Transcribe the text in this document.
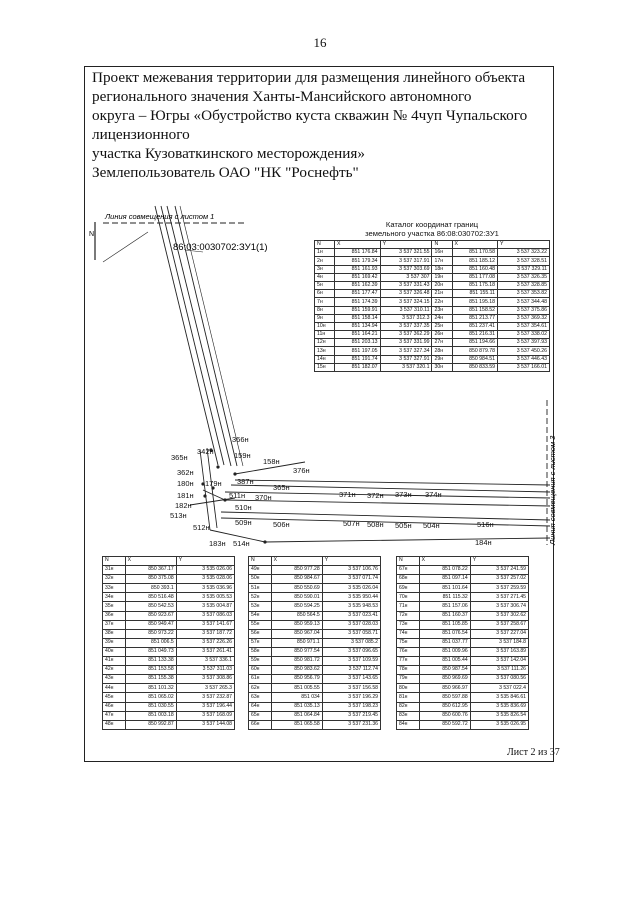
16
Проект межевания территории для размещения линейного объекта
регионального значения Ханты-Мансийского автономного
округа – Югры «Обустройство куста скважин № 4чуп Чупальского
лицензионного
участка Кузоваткинского месторождения»
Землепользователь ОАО "НК "Роснефть"
Линия совмещения с листом 1
N
86:03:0030702:ЗУ1(1)
Линия совмещения с листом 3
365н
366н
342н	159н
158н
376н
362н
387н
365н
180н 179н
181н	511н 370н	371н 372н 373н 374н
182н	510н
513н
512н
509н	506н	507н 508н 505н 504н	516н
183н 514н	184н
Каталог координат границ
земельного участка 86:08:030702:ЗУ1
N	X	Y	N	X	Y
1н	851 176.84	3 537 321.55	16н	851 170.58	3 537 323.22
2н	851 179.34	3 537 317.91	17н	851 185.12	3 537 328.51
3н	851 161.93	3 537 303.69	18н	851 160.48	3 537 329.11
4н	851 169.42	3 537 307	19н	851 177.08	3 537 326.35
5н	851 162.39	3 537 331.43	20н	851 175.18	3 537 328.85
6н	851 177.47	3 537 326.48	21н	851 155.11	3 537 353.82
7н	851 174.39	3 537 324.15	22н	851 195.18	3 537 344.48
8н	851 159.91	3 537 310.11	23н	851 158.52	3 537 375.86
9н	851 158.14	3 537 312.3	24н	851 213.77	3 537 369.32
10н	851 134.94	3 537 337.35	25н	851 237.41	3 537 354.61
11н	851 164.21	3 537 362.29	26н	851 216.31	3 537 338.02
12н	851 203.13	3 537 331.99	27н	851 194.66	3 537 397.93
13н	851 197.05	3 537 327.34	28н	850 879.78	3 537 450.26
14н	851 191.74	3 537 327.91	29н	850 984.51	3 537 446.43
15н	851 182.07	3 537 320.1	30н	850 833.59	3 537 166.01
N	X	Y
31н	850 367.17	3 535 026.06
32н	850 375.08	3 535 028.06
33н	850 393.1	3 535 036.96
34н	850 516.48	3 535 005.53
35н	850 542.53	3 535 004.87
36н	850 923.67	3 537 086.03
37н	850 949.47	3 537 141.67
38н	850 973.22	3 537 187.72
39н	851 006.5	3 537 226.26
40н	851 049.73	3 537 261.41
41н	851 133.38	3 537 336.1
42н	851 153.58	3 537 311.03
43н	851 155.38	3 537 308.86
44н	851 101.32	3 537 265.3
45н	851 065.02	3 537 232.87
46н	851 030.55	3 537 196.44
47н	851 003.18	3 537 168.09
48н	850 992.87	3 537 144.08
N	X	Y
49н	850 977.28	3 537 106.76
50н	850 984.67	3 537 071.74
51н	850 550.69	3 535 026.04
52н	850 590.01	3 535 950.44
53н	850 594.25	3 535 948.53
54н	850 564.5	3 537 023.41
55н	850 959.13	3 537 028.03
56н	850 967.04	3 537 058.71
57н	850 971.1	3 537 085.2
58н	850 977.54	3 537 096.65
59н	850 981.72	3 537 109.59
60н	850 983.62	3 537 112.74
61н	850 956.79	3 537 143.65
62н	851 005.55	3 537 156.58
63н	851 034	3 537 196.29
64н	851 035.13	3 537 198.23
65н	851 064.84	3 537 219.45
66н	851 065.58	3 537 231.36
N	X	Y
67н	851 078.22	3 537 241.59
68н	851 097.14	3 537 257.02
69н	851 101.64	3 537 259.59
70н	851 115.32	3 537 271.45
71н	851 157.06	3 537 306.74
72н	851 160.37	3 537 302.62
73н	851 105.85	3 537 258.67
74н	851 076.54	3 537 227.04
75н	851 037.77	3 537 184.8
76н	851 009.96	3 537 163.89
77н	851 005.44	3 537 142.04
78н	850 987.54	3 537 111.26
79н	850 969.69	3 537 080.56
80н	850 966.97	3 537 022.4
81н	850 597.88	3 535 846.61
82н	850 612.95	3 535 836.69
83н	850 600.76	3 535 826.54
84н	850 592.72	3 535 026.95
Лист 2 из 37
